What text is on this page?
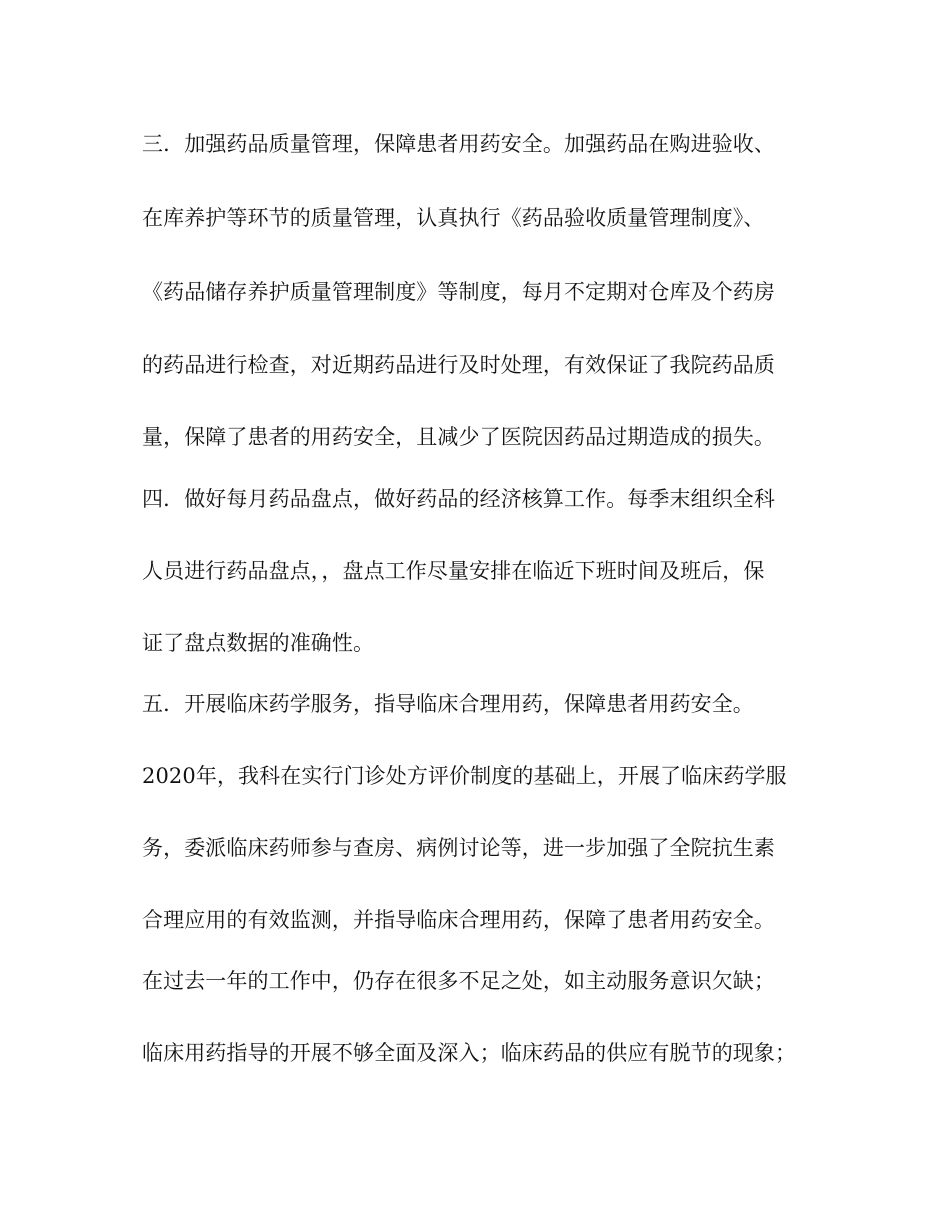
三．加强药品质量管理，保障患者用药安全。加强药品在购进验收、

在库养护等环节的质量管理，认真执行《药品验收质量管理制度》、

《药品储存养护质量管理制度》等制度，每月不定期对仓库及个药房

的药品进行检查，对近期药品进行及时处理，有效保证了我院药品质

量，保障了患者的用药安全，且减少了医院因药品过期造成的损失。

四．做好每月药品盘点，做好药品的经济核算工作。每季末组织全科

人员进行药品盘点，，盘点工作尽量安排在临近下班时间及班后，保

证了盘点数据的准确性。

五．开展临床药学服务，指导临床合理用药，保障患者用药安全。

2020年，我科在实行门诊处方评价制度的基础上，开展了临床药学服

务，委派临床药师参与查房、病例讨论等，进一步加强了全院抗生素

合理应用的有效监测，并指导临床合理用药，保障了患者用药安全。

在过去一年的工作中，仍存在很多不足之处，如主动服务意识欠缺；

临床用药指导的开展不够全面及深入；临床药品的供应有脱节的现象；
